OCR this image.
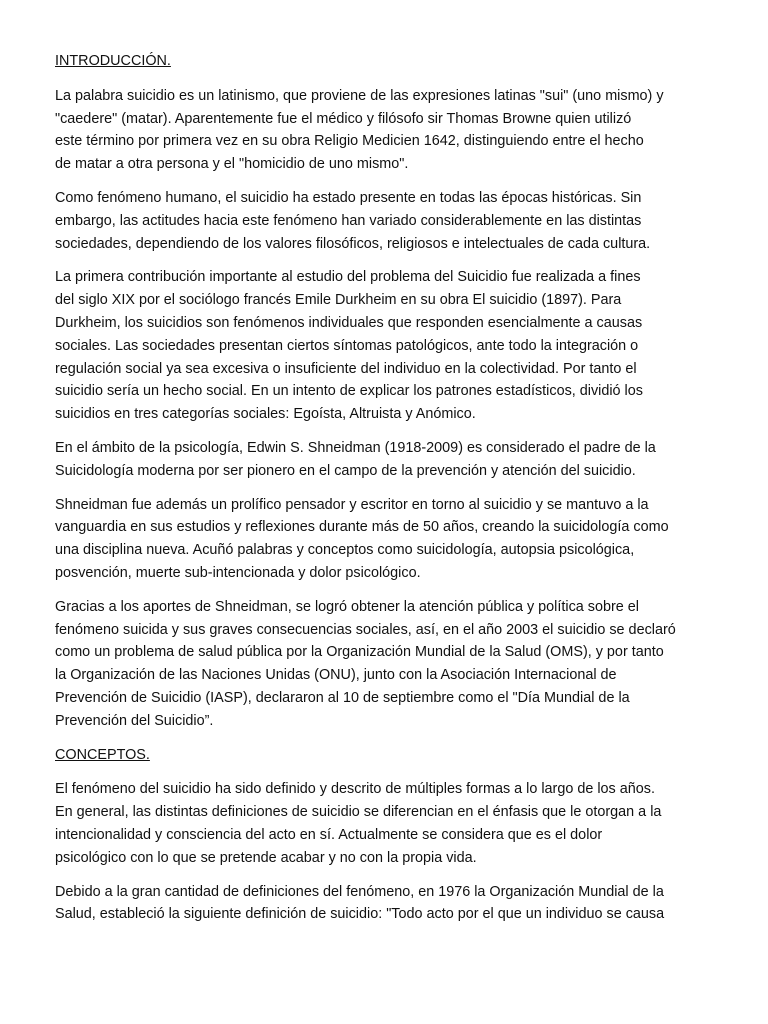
INTRODUCCIÓN.
La palabra suicidio es un latinismo, que proviene de las expresiones latinas "sui" (uno mismo) y
"caedere" (matar). Aparentemente fue el médico y filósofo sir Thomas Browne quien utilizó
este término por primera vez en su obra Religio Medicien 1642, distinguiendo entre el hecho
de matar a otra persona y el "homicidio de uno mismo".
Como fenómeno humano, el suicidio ha estado presente en todas las épocas históricas. Sin
embargo, las actitudes hacia este fenómeno han variado considerablemente en las distintas
sociedades, dependiendo de los valores filosóficos, religiosos e intelectuales de cada cultura.
La primera contribución importante al estudio del problema del Suicidio fue realizada a fines
del siglo XIX por el sociólogo francés Emile Durkheim en su obra El suicidio (1897). Para
Durkheim, los suicidios son fenómenos individuales que responden esencialmente a causas
sociales. Las sociedades presentan ciertos síntomas patológicos, ante todo la integración o
regulación social ya sea excesiva o insuficiente del individuo en la colectividad. Por tanto el
suicidio sería un hecho social. En un intento de explicar los patrones estadísticos, dividió los
suicidios en tres categorías sociales: Egoísta, Altruista y Anómico.
En el ámbito de la psicología, Edwin S. Shneidman (1918-2009) es considerado el padre de la
Suicidología moderna por ser pionero en el campo de la prevención y atención del suicidio.
Shneidman fue además un prolífico pensador y escritor en torno al suicidio y se mantuvo a la
vanguardia en sus estudios y reflexiones durante más de 50 años, creando la suicidología como
una disciplina nueva. Acuñó palabras y conceptos como suicidología, autopsia psicológica,
posvención, muerte sub-intencionada y dolor psicológico.
Gracias a los aportes de Shneidman, se logró obtener la atención pública y política sobre el
fenómeno suicida y sus graves consecuencias sociales, así, en el año 2003 el suicidio se declaró
como un problema de salud pública por la Organización Mundial de la Salud (OMS), y por tanto
la Organización de las Naciones Unidas (ONU), junto con la Asociación Internacional de
Prevención de Suicidio (IASP), declararon al 10 de septiembre como el "Día Mundial de la
Prevención del Suicidio”.
CONCEPTOS.
El fenómeno del suicidio ha sido definido y descrito de múltiples formas a lo largo de los años.
En general, las distintas definiciones de suicidio se diferencian en el énfasis que le otorgan a la
intencionalidad y consciencia del acto en sí. Actualmente se considera que es el dolor
psicológico con lo que se pretende acabar y no con la propia vida.
Debido a la gran cantidad de definiciones del fenómeno, en 1976 la Organización Mundial de la
Salud, estableció la siguiente definición de suicidio: "Todo acto por el que un individuo se causa
